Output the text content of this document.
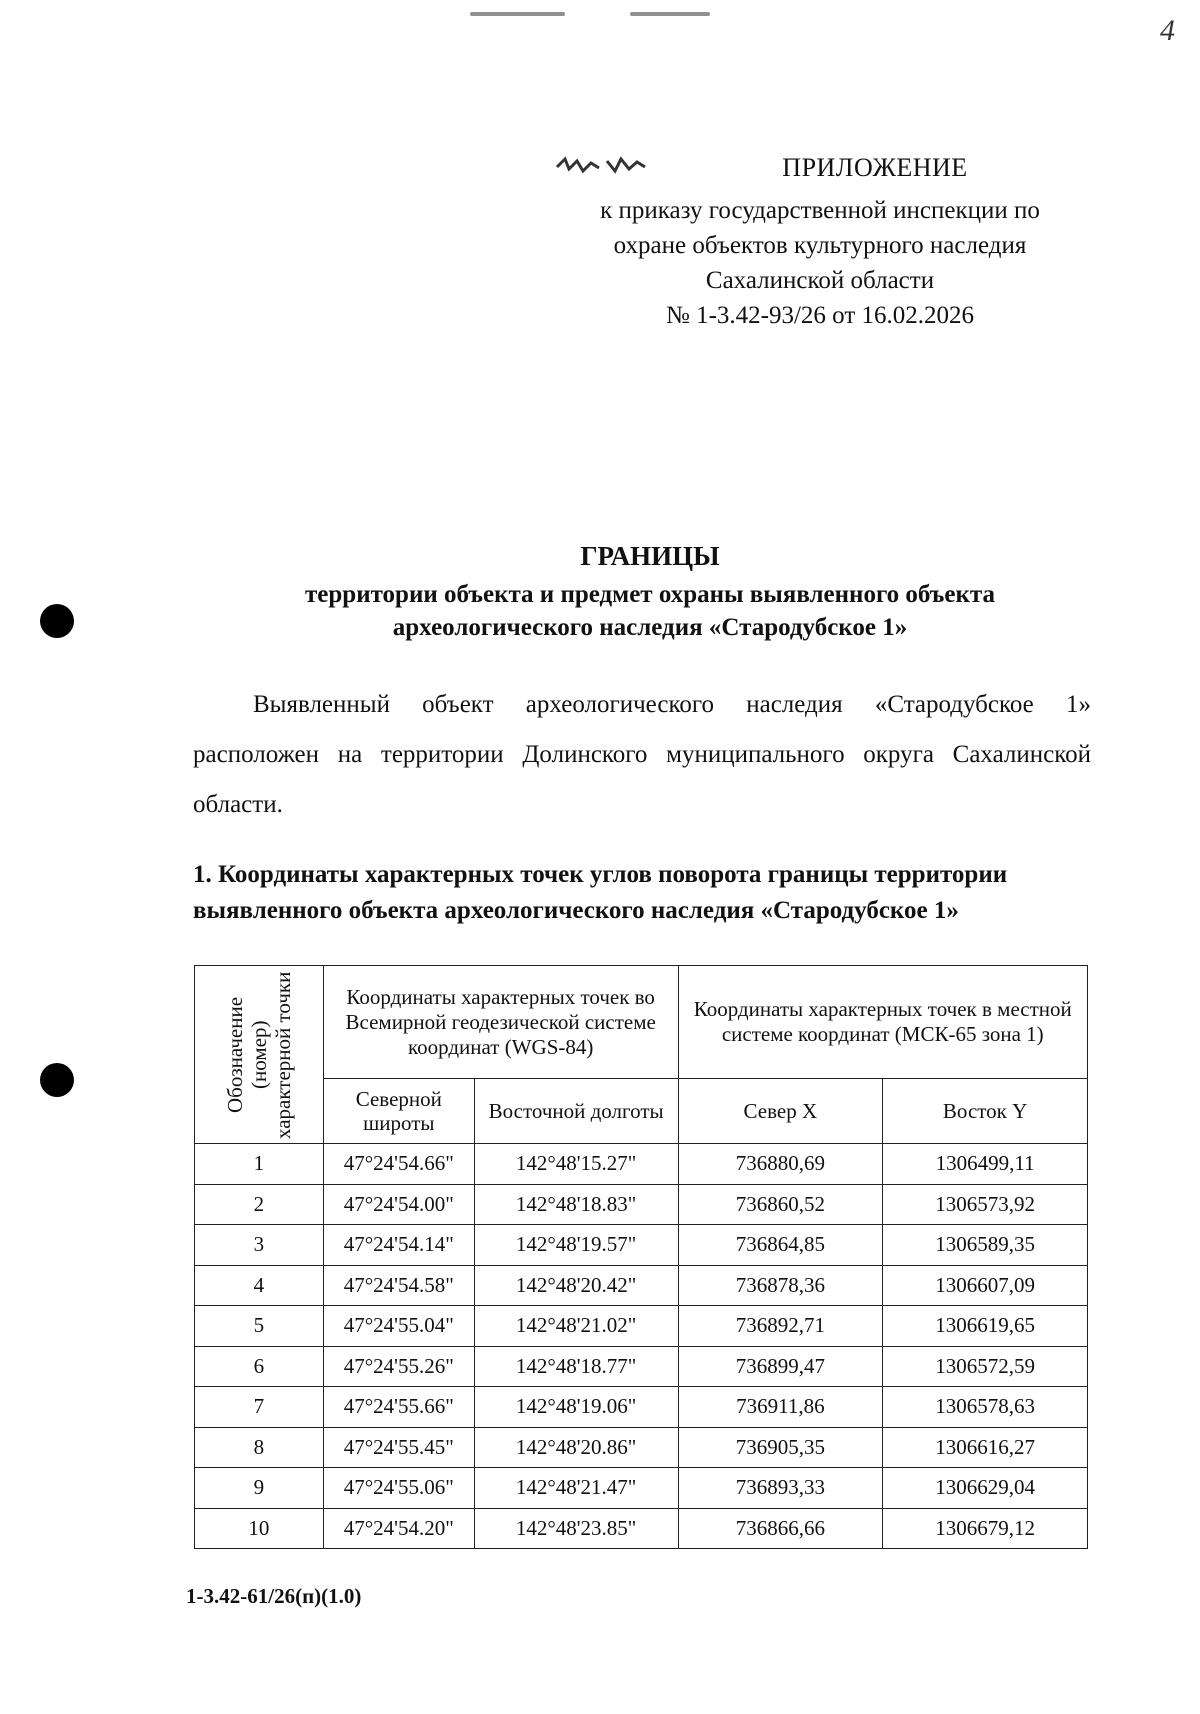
4
ПРИЛОЖЕНИЕ
к приказу государственной инспекции по
охране объектов культурного наследия
Сахалинской области
№ 1-3.42-93/26 от 16.02.2026
ГРАНИЦЫ
территории объекта и предмет охраны выявленного объекта
археологического наследия «Стародубское 1»
Выявленный объект археологического наследия «Стародубское 1» расположен на территории Долинского муниципального округа Сахалинской области.
1. Координаты характерных точек углов поворота границы территории выявленного объекта археологического наследия «Стародубское 1»
Обозначение (номер) характерной точки	Координаты характерных точек во Всемирной геодезической системе координат (WGS-84)		Координаты характерных точек в местной системе координат (МСК-65 зона 1)	
	Северной широты	Восточной долготы	Север X	Восток Y
1	47°24'54.66"	142°48'15.27"	736880,69	1306499,11
2	47°24'54.00"	142°48'18.83"	736860,52	1306573,92
3	47°24'54.14"	142°48'19.57"	736864,85	1306589,35
4	47°24'54.58"	142°48'20.42"	736878,36	1306607,09
5	47°24'55.04"	142°48'21.02"	736892,71	1306619,65
6	47°24'55.26"	142°48'18.77"	736899,47	1306572,59
7	47°24'55.66"	142°48'19.06"	736911,86	1306578,63
8	47°24'55.45"	142°48'20.86"	736905,35	1306616,27
9	47°24'55.06"	142°48'21.47"	736893,33	1306629,04
10	47°24'54.20"	142°48'23.85"	736866,66	1306679,12
1-3.42-61/26(п)(1.0)
